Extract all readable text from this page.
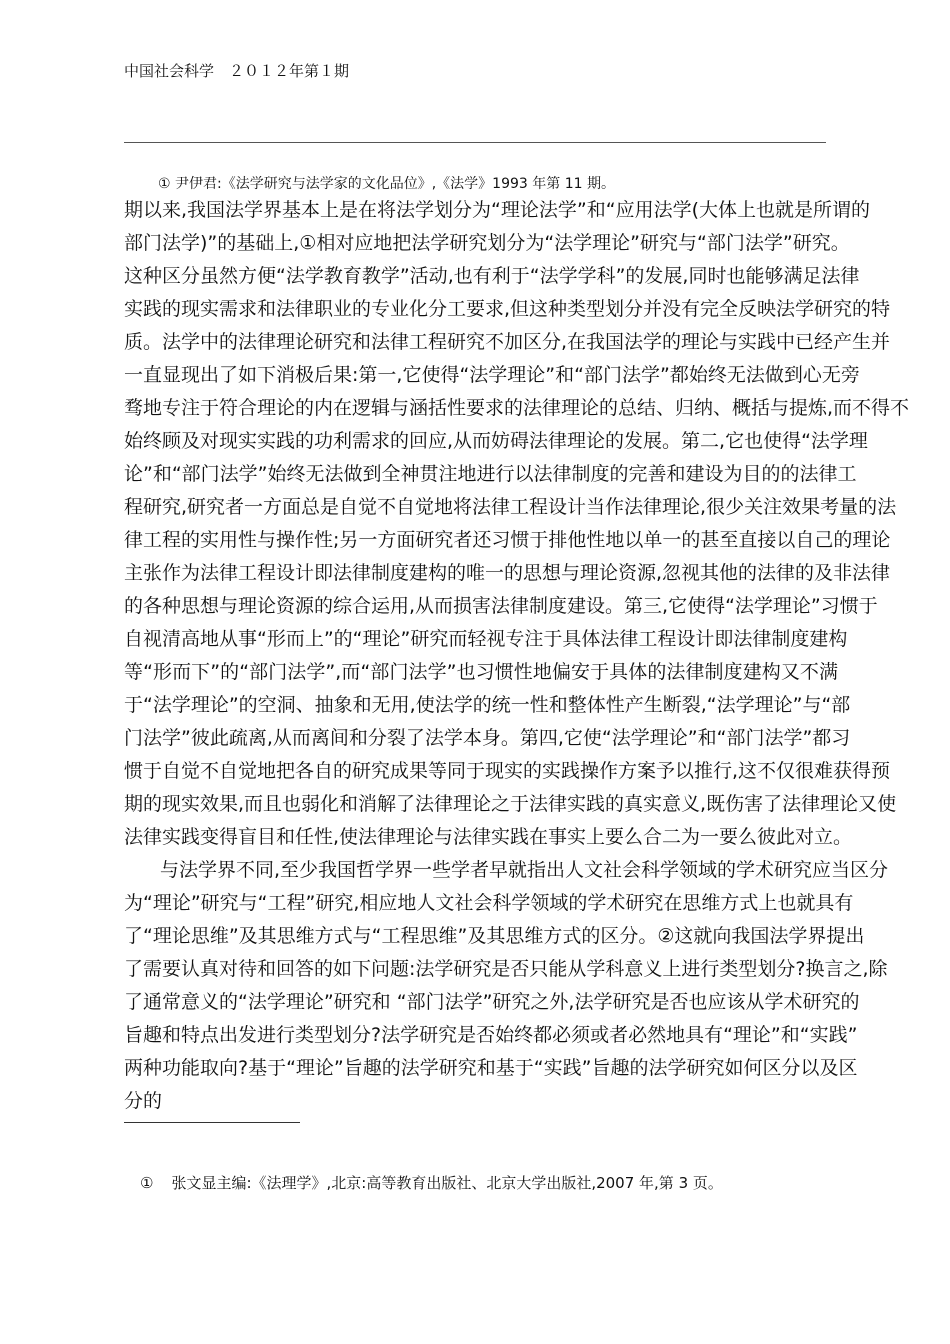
中国社会科学　２０１２年第１期
① 尹伊君:《法学研究与法学家的文化品位》,《法学》1993 年第 11 期。
期以来,我国法学界基本上是在将法学划分为“理论法学”和“应用法学(大体上也就是所谓的
部门法学)”的基础上,①相对应地把法学研究划分为“法学理论”研究与“部门法学”研究。
这种区分虽然方便“法学教育教学”活动,也有利于“法学学科”的发展,同时也能够满足法律
实践的现实需求和法律职业的专业化分工要求,但这种类型划分并没有完全反映法学研究的特
质。法学中的法律理论研究和法律工程研究不加区分,在我国法学的理论与实践中已经产生并
一直显现出了如下消极后果:第一,它使得“法学理论”和“部门法学”都始终无法做到心无旁
骛地专注于符合理论的内在逻辑与涵括性要求的法律理论的总结、归纳、概括与提炼,而不得不
始终顾及对现实实践的功利需求的回应,从而妨碍法律理论的发展。第二,它也使得“法学理
论”和“部门法学”始终无法做到全神贯注地进行以法律制度的完善和建设为目的的法律工
程研究,研究者一方面总是自觉不自觉地将法律工程设计当作法律理论,很少关注效果考量的法
律工程的实用性与操作性;另一方面研究者还习惯于排他性地以单一的甚至直接以自己的理论
主张作为法律工程设计即法律制度建构的唯一的思想与理论资源,忽视其他的法律的及非法律
的各种思想与理论资源的综合运用,从而损害法律制度建设。第三,它使得“法学理论”习惯于
自视清高地从事“形而上”的“理论”研究而轻视专注于具体法律工程设计即法律制度建构
等“形而下”的“部门法学”,而“部门法学”也习惯性地偏安于具体的法律制度建构又不满
于“法学理论”的空洞、抽象和无用,使法学的统一性和整体性产生断裂,“法学理论”与“部
门法学”彼此疏离,从而离间和分裂了法学本身。第四,它使“法学理论”和“部门法学”都习
惯于自觉不自觉地把各自的研究成果等同于现实的实践操作方案予以推行,这不仅很难获得预
期的现实效果,而且也弱化和消解了法律理论之于法律实践的真实意义,既伤害了法律理论又使
法律实践变得盲目和任性,使法律理论与法律实践在事实上要么合二为一要么彼此对立。
与法学界不同,至少我国哲学界一些学者早就指出人文社会科学领域的学术研究应当区分
为“理论”研究与“工程”研究,相应地人文社会科学领域的学术研究在思维方式上也就具有
了“理论思维”及其思维方式与“工程思维”及其思维方式的区分。②这就向我国法学界提出
了需要认真对待和回答的如下问题:法学研究是否只能从学科意义上进行类型划分?换言之,除
了通常意义的“法学理论”研究和 “部门法学”研究之外,法学研究是否也应该从学术研究的
旨趣和特点出发进行类型划分?法学研究是否始终都必须或者必然地具有“理论”和“实践”
两种功能取向?基于“理论”旨趣的法学研究和基于“实践”旨趣的法学研究如何区分以及区
分的
① 张文显主编:《法理学》,北京:高等教育出版社、北京大学出版社,2007 年,第 3 页。
